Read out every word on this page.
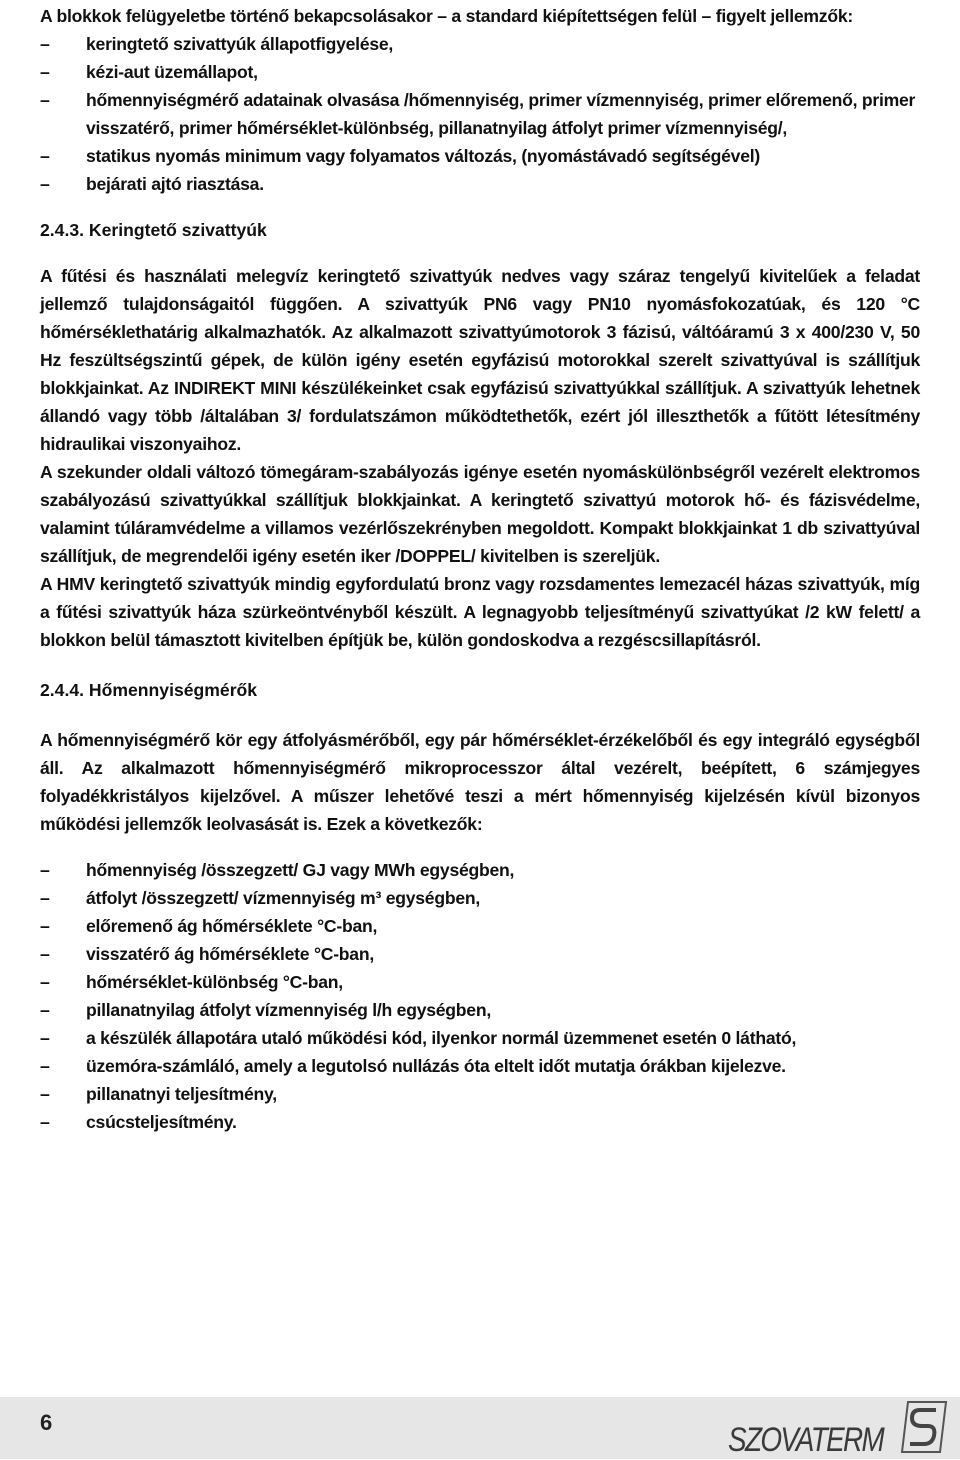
A blokkok felügyeletbe történő bekapcsolásakor – a standard kiépítettségen felül – figyelt jellemzők:

– keringtető szivattyúk állapotfigyelése,
– kézi-aut üzemállapot,
– hőmennyiségmérő adatainak olvasása /hőmennyiség, primer vízmennyiség, primer előremenő, primer visszatérő, primer hőmérséklet-különbség, pillanatnyilag átfolyt primer vízmennyiség/,
– statikus nyomás minimum vagy folyamatos változás, (nyomástávadó segítségével)
– bejárati ajtó riasztása.
2.4.3. Keringtető szivattyúk

A fűtési és használati melegvíz keringtető szivattyúk nedves vagy száraz tengelyű kivitelűek a feladat jellemző tulajdonságaitól függően. A szivattyúk PN6 vagy PN10 nyomásfokozatúak, és 120 °C hőmérséklethatárig alkalmazhatók. Az alkalmazott szivattyúmotorok 3 fázisú, váltóáramú 3 x 400/230 V, 50 Hz feszültségszintű gépek, de külön igény esetén egyfázisú motorokkal szerelt szivattyúval is szállítjuk blokkjainkat. Az INDIREKT MINI készülékeinket csak egyfázisú szivattyúkkal szállítjuk. A szivattyúk lehetnek állandó vagy több /általában 3/ fordulatszámon működtethetők, ezért jól illeszthetők a fűtött létesítmény hidraulikai viszonyaihoz.

A szekunder oldali változó tömegáram-szabályozás igénye esetén nyomáskülönbségről vezérelt elektromos szabályozású szivattyúkkal szállítjuk blokkjainkat. A keringtető szivattyú motorok hő- és fázisvédelme, valamint túláramvédelme a villamos vezérlőszekrényben megoldott. Kompakt blokkjainkat 1 db szivattyúval szállítjuk, de megrendelői igény esetén iker /DOPPEL/ kivitelben is szereljük.

A HMV keringtető szivattyúk mindig egyfordulatú bronz vagy rozsdamentes lemezacél házas szivattyúk, míg a fűtési szivattyúk háza szürkeöntvényből készült. A legnagyobb teljesítményű szivattyúkat /2 kW felett/ a blokkon belül támasztott kivitelben építjük be, külön gondoskodva a rezgéscsillapításról.

2.4.4. Hőmennyiségmérők

A hőmennyiségmérő kör egy átfolyásmérőből, egy pár hőmérséklet-érzékelőből és egy integráló egységből áll. Az alkalmazott hőmennyiségmérő mikroprocesszor által vezérelt, beépített, 6 számjegyes folyadékkristályos kijelzővel. A műszer lehetővé teszi a mért hőmennyiség kijelzésén kívül bizonyos működési jellemzők leolvasását is. Ezek a következők:

– hőmennyiség /összegzett/ GJ vagy MWh egységben,
– átfolyt /összegzett/ vízmennyiség m³ egységben,
– előremenő ág hőmérséklete °C-ban,
– visszatérő ág hőmérséklete °C-ban,
– hőmérséklet-különbség °C-ban,
– pillanatnyilag átfolyt vízmennyiség l/h egységben,
– a készülék állapotára utaló működési kód, ilyenkor normál üzemmenet esetén 0 látható,
– üzemóra-számláló, amely a legutolsó nullázás óta eltelt időt mutatja órákban kijelezve.
– pillanatnyi teljesítmény,
– csúcsteljesítmény.
6	SZOVATERM
